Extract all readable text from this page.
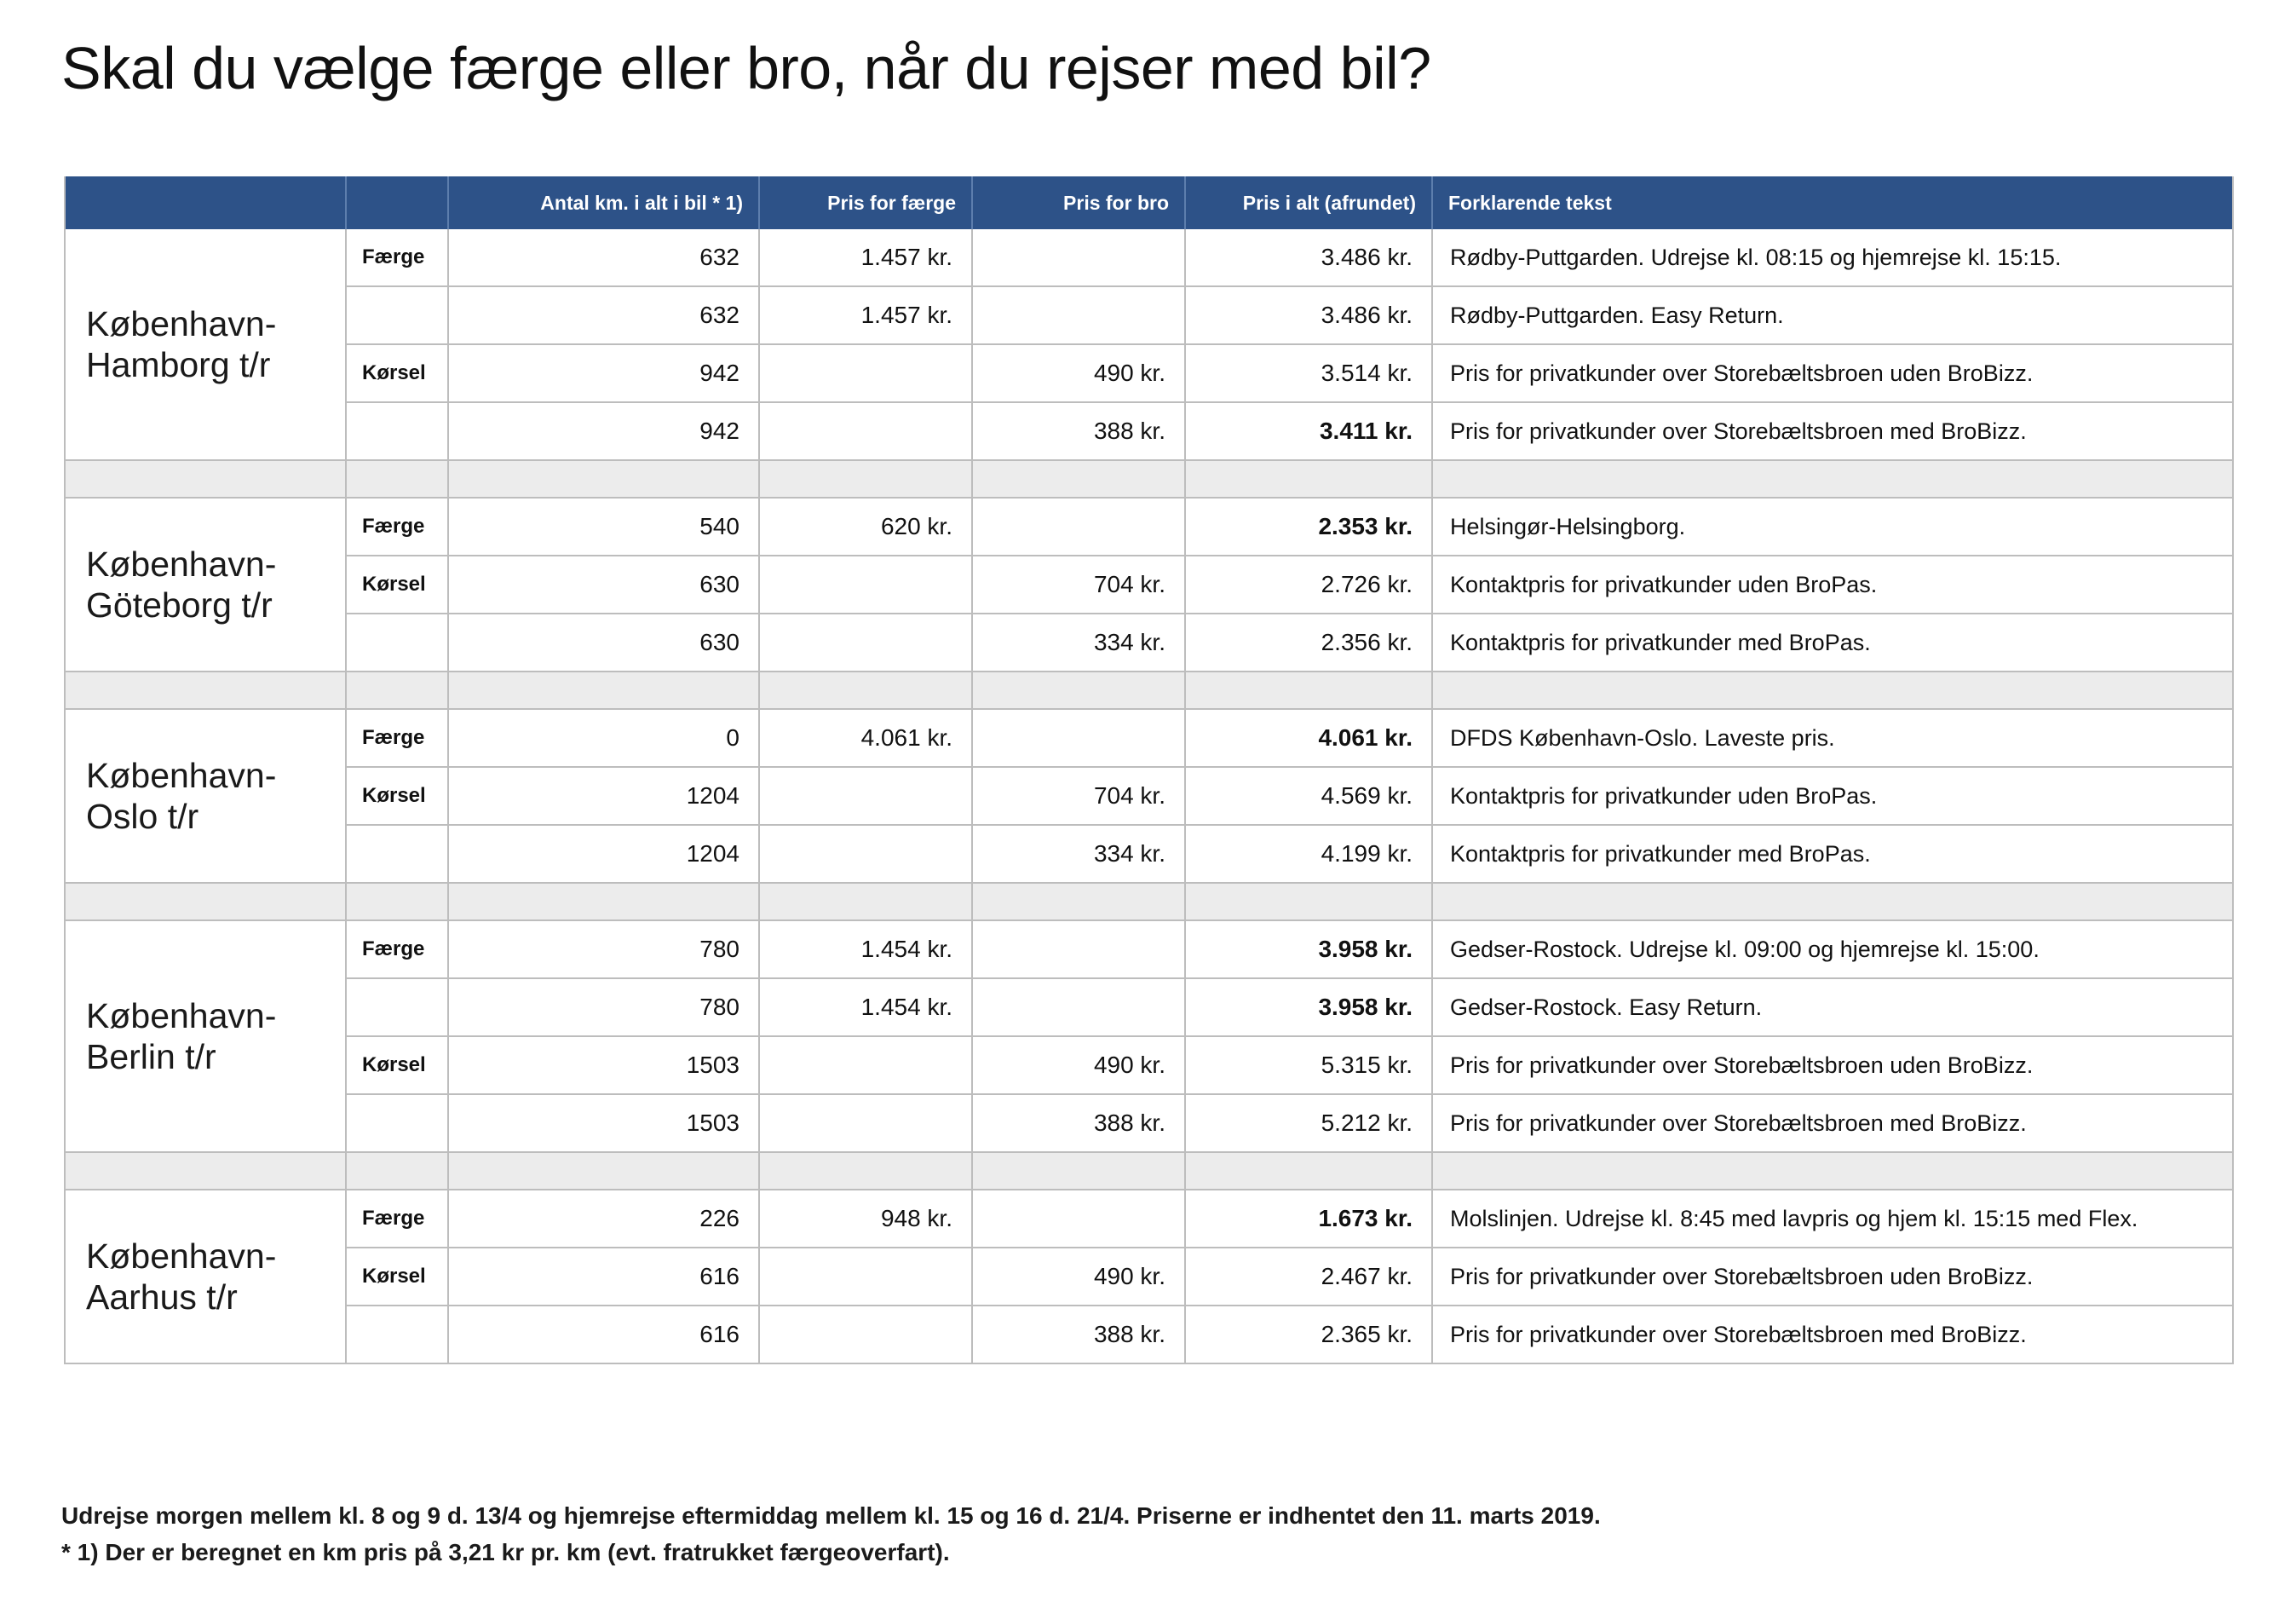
Skal du vælge færge eller bro, når du rejser med bil?
		Antal km. i alt i bil * 1)	Pris for færge	Pris for bro	Pris i alt (afrundet)	Forklarende tekst
København-
Hamborg t/r	Færge	632	1.457 kr.		3.486 kr.	Rødby-Puttgarden. Udrejse kl. 08:15 og hjemrejse kl. 15:15.
		632	1.457 kr.		3.486 kr.	Rødby-Puttgarden. Easy Return.
	Kørsel	942		490 kr.	3.514 kr.	Pris for privatkunder over Storebæltsbroen uden BroBizz.
		942		388 kr.	3.411 kr.	Pris for privatkunder over Storebæltsbroen med BroBizz.

København-
Göteborg t/r	Færge	540	620 kr.		2.353 kr.	Helsingør-Helsingborg.
	Kørsel	630		704 kr.	2.726 kr.	Kontaktpris for privatkunder uden BroPas.
		630		334 kr.	2.356 kr.	Kontaktpris for privatkunder med BroPas.

København-
Oslo t/r	Færge	0	4.061 kr.		4.061 kr.	DFDS København-Oslo. Laveste pris.
	Kørsel	1204		704 kr.	4.569 kr.	Kontaktpris for privatkunder uden BroPas.
		1204		334 kr.	4.199 kr.	Kontaktpris for privatkunder med BroPas.

København-
Berlin t/r	Færge	780	1.454 kr.		3.958 kr.	Gedser-Rostock. Udrejse kl. 09:00 og hjemrejse kl. 15:00.
		780	1.454 kr.		3.958 kr.	Gedser-Rostock. Easy Return.
	Kørsel	1503		490 kr.	5.315 kr.	Pris for privatkunder over Storebæltsbroen uden BroBizz.
		1503		388 kr.	5.212 kr.	Pris for privatkunder over Storebæltsbroen med BroBizz.

København-
Aarhus t/r	Færge	226	948 kr.		1.673 kr.	Molslinjen. Udrejse kl. 8:45 med lavpris og hjem kl. 15:15 med Flex.
	Kørsel	616		490 kr.	2.467 kr.	Pris for privatkunder over Storebæltsbroen uden BroBizz.
		616		388 kr.	2.365 kr.	Pris for privatkunder over Storebæltsbroen med BroBizz.
Udrejse morgen mellem kl. 8 og 9 d. 13/4 og hjemrejse eftermiddag mellem kl. 15 og 16 d. 21/4. Priserne er indhentet den 11. marts 2019.
* 1) Der er beregnet en km pris på 3,21 kr pr. km (evt. fratrukket færgeoverfart).
